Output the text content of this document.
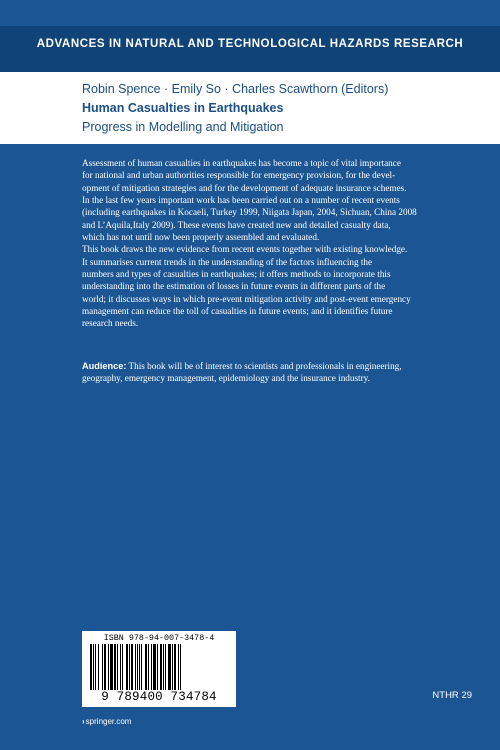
ADVANCES IN NATURAL AND TECHNOLOGICAL HAZARDS RESEARCH
Robin Spence · Emily So · Charles Scawthorn (Editors)
Human Casualties in Earthquakes
Progress in Modelling and Mitigation
Assessment of human casualties in earthquakes has become a topic of vital importance
for national and urban authorities responsible for emergency provision, for the devel-
opment of mitigation strategies and for the development of adequate insurance schemes.
In the last few years important work has been carried out on a number of recent events
(including earthquakes in Kocaeli, Turkey 1999, Niigata Japan, 2004, Sichuan, China 2008
and L’Aquila,Italy 2009). These events have created new and detailed casualty data,
which has not until now been properly assembled and evaluated.
This book draws the new evidence from recent events together with existing knowledge.
It summarises current trends in the understanding of the factors influencing the
numbers and types of casualties in earthquakes; it offers methods to incorporate this
understanding into the estimation of losses in future events in different parts of the
world; it discusses ways in which pre-event mitigation activity and post-event emergency
management can reduce the toll of casualties in future events; and it identifies future
research needs.
Audience: This book will be of interest to scientists and professionals in engineering,
geography, emergency management, epidemiology and the insurance industry.
ISBN 978-94-007-3478-4
9 789400 734784	NTHR 29
›springer.com
